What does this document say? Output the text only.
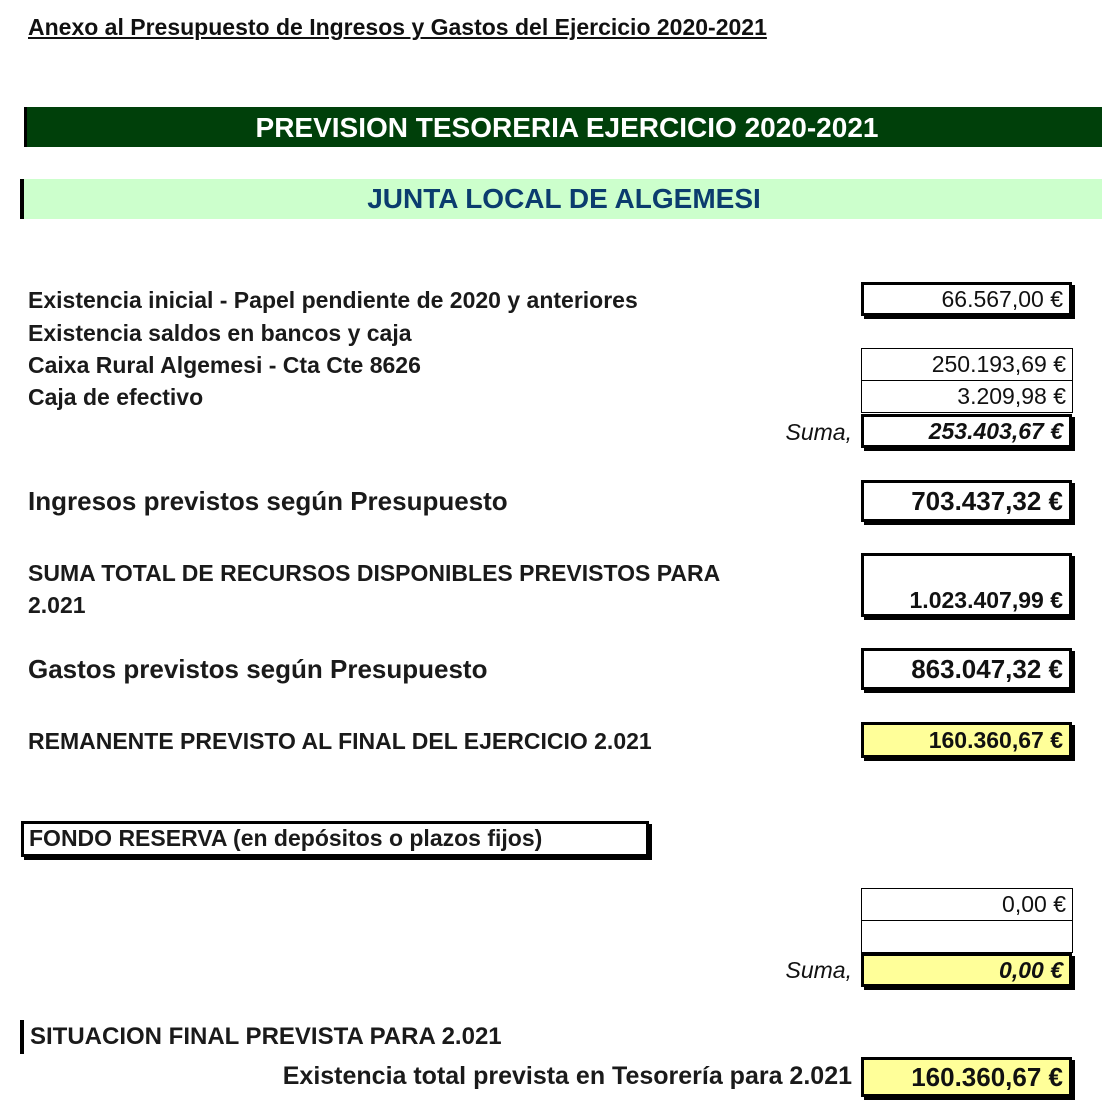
Anexo al Presupuesto de Ingresos y Gastos del Ejercicio 2020-2021
PREVISION TESORERIA EJERCICIO 2020-2021
JUNTA LOCAL DE ALGEMESI
Existencia inicial - Papel pendiente de 2020 y anteriores	66.567,00 €
Existencia saldos en bancos y caja
Caixa Rural Algemesi - Cta Cte 8626	250.193,69 €
Caja de efectivo	3.209,98 €
Suma,	253.403,67 €
Ingresos previstos según Presupuesto	703.437,32 €
SUMA TOTAL DE RECURSOS DISPONIBLES PREVISTOS PARA
2.021	1.023.407,99 €
Gastos previstos según Presupuesto	863.047,32 €
REMANENTE PREVISTO AL FINAL DEL EJERCICIO 2.021	160.360,67 €
FONDO RESERVA (en depósitos o plazos fijos)
0,00 €
Suma,	0,00 €
SITUACION FINAL PREVISTA PARA 2.021
Existencia total prevista en Tesorería para 2.021	160.360,67 €
